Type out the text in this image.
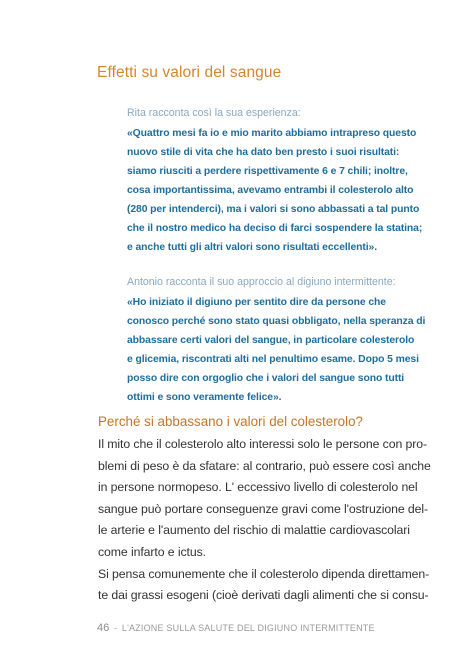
Effetti su valori del sangue

Rita racconta così la sua esperienza:

«Quattro mesi fa io e mio marito abbiamo intrapreso questo
nuovo stile di vita che ha dato ben presto i suoi risultati:
siamo riusciti a perdere rispettivamente 6 e 7 chili; inoltre,
cosa importantissima, avevamo entrambi il colesterolo alto
(280 per intenderci), ma i valori si sono abbassati a tal punto
che il nostro medico ha deciso di farci sospendere la statina;
e anche tutti gli altri valori sono risultati eccellenti».

Antonio racconta il suo approccio al digiuno intermittente:

«Ho iniziato il digiuno per sentito dire da persone che
conosco perché sono stato quasi obbligato, nella speranza di
abbassare certi valori del sangue, in particolare colesterolo
e glicemia, riscontrati alti nel penultimo esame. Dopo 5 mesi
posso dire con orgoglio che i valori del sangue sono tutti
ottimi e sono veramente felice».
Perché si abbassano i valori del colesterolo?
Il mito che il colesterolo alto interessi solo le persone con pro-
blemi di peso è da sfatare: al contrario, può essere così anche
in persone normopeso. L' eccessivo livello di colesterolo nel
sangue può portare conseguenze gravi come l'ostruzione del-
le arterie e l'aumento del rischio di malattie cardiovascolari
come infarto e ictus.
Si pensa comunemente che il colesterolo dipenda direttamen-
te dai grassi esogeni (cioè derivati dagli alimenti che si consu-
46 - L'AZIONE SULLA SALUTE DEL DIGIUNO INTERMITTENTE
